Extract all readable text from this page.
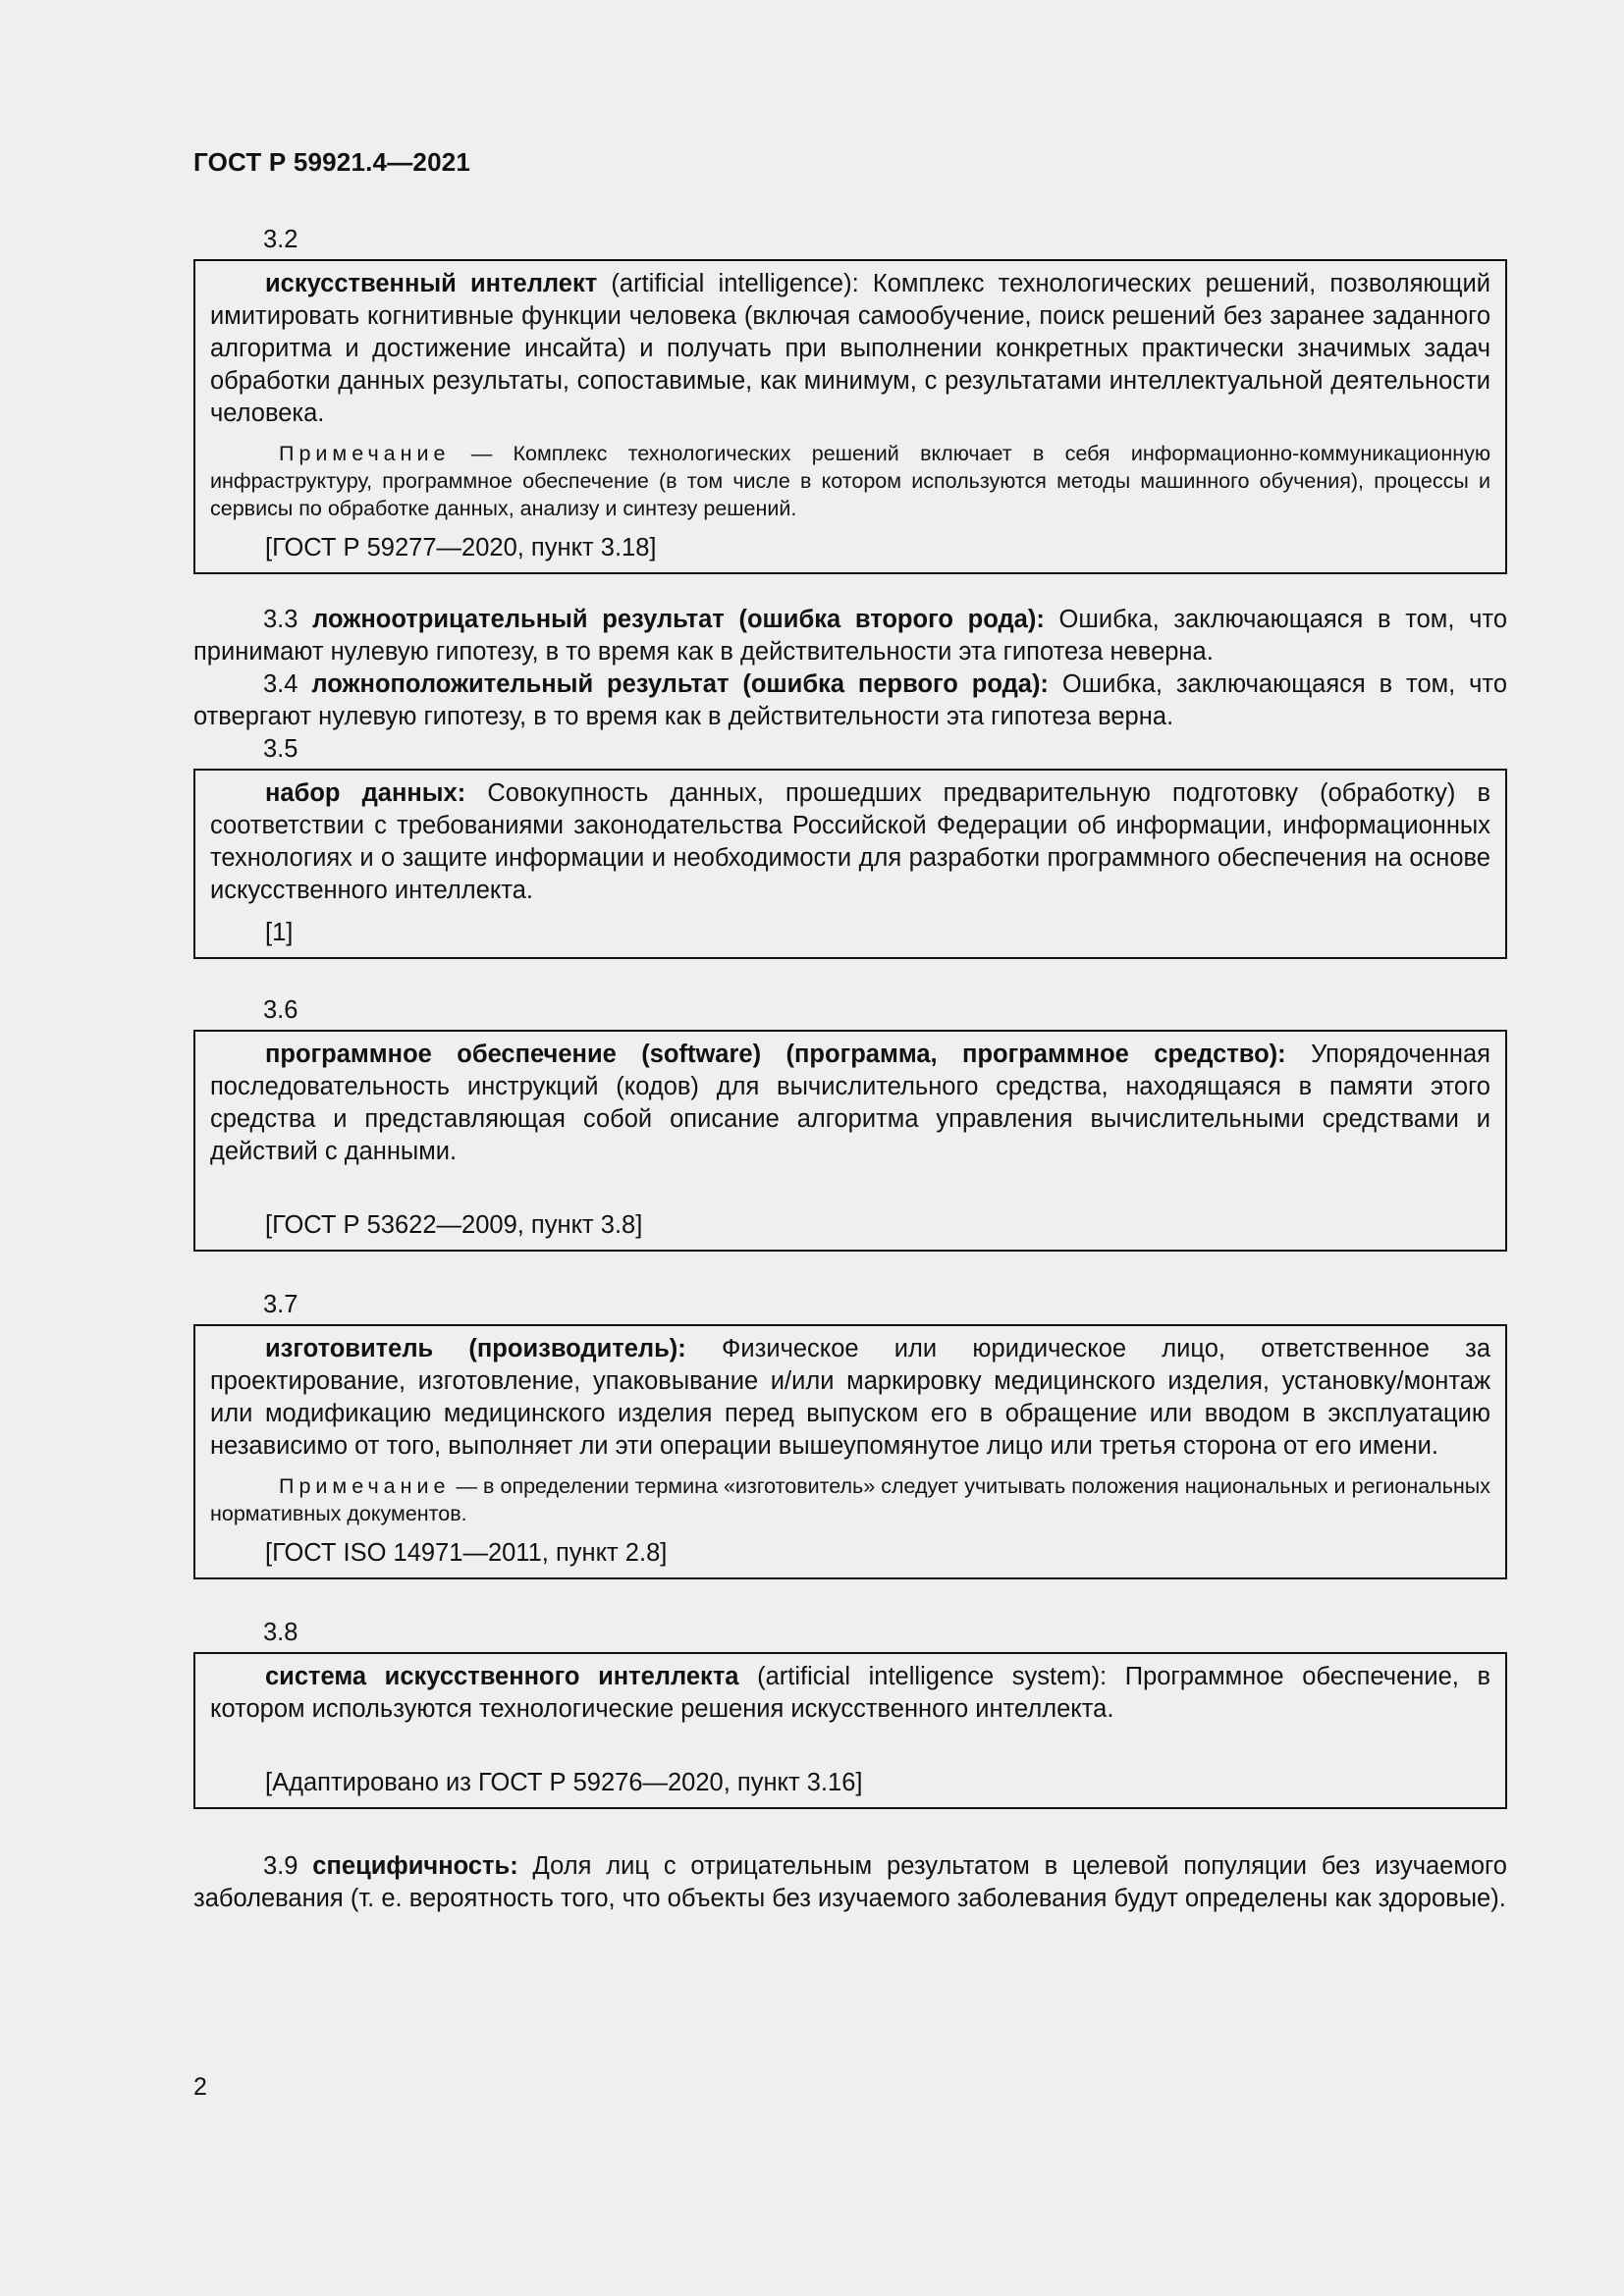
ГОСТ Р 59921.4—2021
3.2

искусственный интеллект (artificial intelligence): Комплекс технологических решений, позволяющий имитировать когнитивные функции человека (включая самообучение, поиск решений без заранее заданного алгоритма и достижение инсайта) и получать при выполнении конкретных практически значимых задач обработки данных результаты, сопоставимые, как минимум, с результатами интеллектуальной деятельности человека.

Примечание — Комплекс технологических решений включает в себя информационно-коммуникационную инфраструктуру, программное обеспечение (в том числе в котором используются методы машинного обучения), процессы и сервисы по обработке данных, анализу и синтезу решений.

[ГОСТ Р 59277—2020, пункт 3.18]

3.3 ложноотрицательный результат (ошибка второго рода): Ошибка, заключающаяся в том, что принимают нулевую гипотезу, в то время как в действительности эта гипотеза неверна.

3.4 ложноположительный результат (ошибка первого рода): Ошибка, заключающаяся в том, что отвергают нулевую гипотезу, в то время как в действительности эта гипотеза верна.

3.5

набор данных: Совокупность данных, прошедших предварительную подготовку (обработку) в соответствии с требованиями законодательства Российской Федерации об информации, информационных технологиях и о защите информации и необходимости для разработки программного обеспечения на основе искусственного интеллекта.

[1]

3.6

программное обеспечение (software) (программа, программное средство): Упорядоченная последовательность инструкций (кодов) для вычислительного средства, находящаяся в памяти этого средства и представляющая собой описание алгоритма управления вычислительными средствами и действий с данными.

[ГОСТ Р 53622—2009, пункт 3.8]

3.7

изготовитель (производитель): Физическое или юридическое лицо, ответственное за проектирование, изготовление, упаковывание и/или маркировку медицинского изделия, установку/монтаж или модификацию медицинского изделия перед выпуском его в обращение или вводом в эксплуатацию независимо от того, выполняет ли эти операции вышеупомянутое лицо или третья сторона от его имени.

Примечание — в определении термина «изготовитель» следует учитывать положения национальных и региональных нормативных документов.

[ГОСТ ISO 14971—2011, пункт 2.8]

3.8

система искусственного интеллекта (artificial intelligence system): Программное обеспечение, в котором используются технологические решения искусственного интеллекта.

[Адаптировано из ГОСТ Р 59276—2020, пункт 3.16]

3.9 специфичность: Доля лиц с отрицательным результатом в целевой популяции без изучаемого заболевания (т. е. вероятность того, что объекты без изучаемого заболевания будут определены как здоровые).

2
